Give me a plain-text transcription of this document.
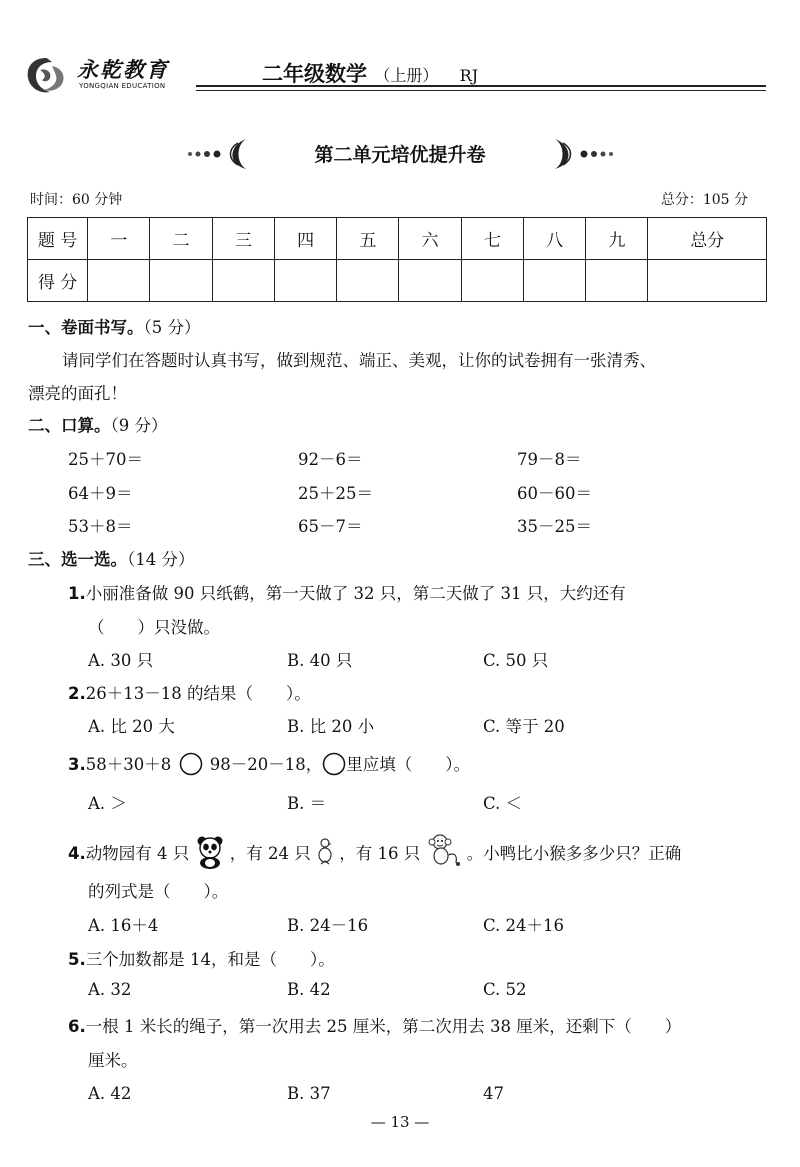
永乾教育
YONGQIAN EDUCATION	二年级数学 （上册） RJ
第二单元培优提升卷
时间：60 分钟	总分：105 分
题 号	一	二	三	四	五	六	七	八	九	总分
得 分										
一、卷面书写。（5 分）
请同学们在答题时认真书写，做到规范、端正、美观，让你的试卷拥有一张清秀、
漂亮的面孔！
二、口算。（9 分）
25＋70＝	92－6＝	79－8＝
64＋9＝	25＋25＝	60－60＝
53＋8＝	65－7＝	35－25＝
三、选一选。（14 分）
1.小丽准备做 90 只纸鹤，第一天做了 32 只，第二天做了 31 只，大约还有
（　　）只没做。
A. 30 只	B. 40 只	C. 50 只
2.26＋13－18 的结果（　　）。
A. 比 20 大	B. 比 20 小	C. 等于 20
3.58＋30＋8 98－20－18， 里应填（　　）。
A. ＞	B. ＝	C. ＜
4.动物园有 4 只 ，有 24 只 ，有 16 只	。小鸭比小猴多多少只？正确
的列式是（　　）。
A. 16＋4	B. 24－16	C. 24＋16
5.三个加数都是 14，和是（　　）。
A. 32	B. 42	C. 52
6.一根 1 米长的绳子，第一次用去 25 厘米，第二次用去 38 厘米，还剩下（　　）
厘米。
A. 42	B. 37	47
— 13 —
